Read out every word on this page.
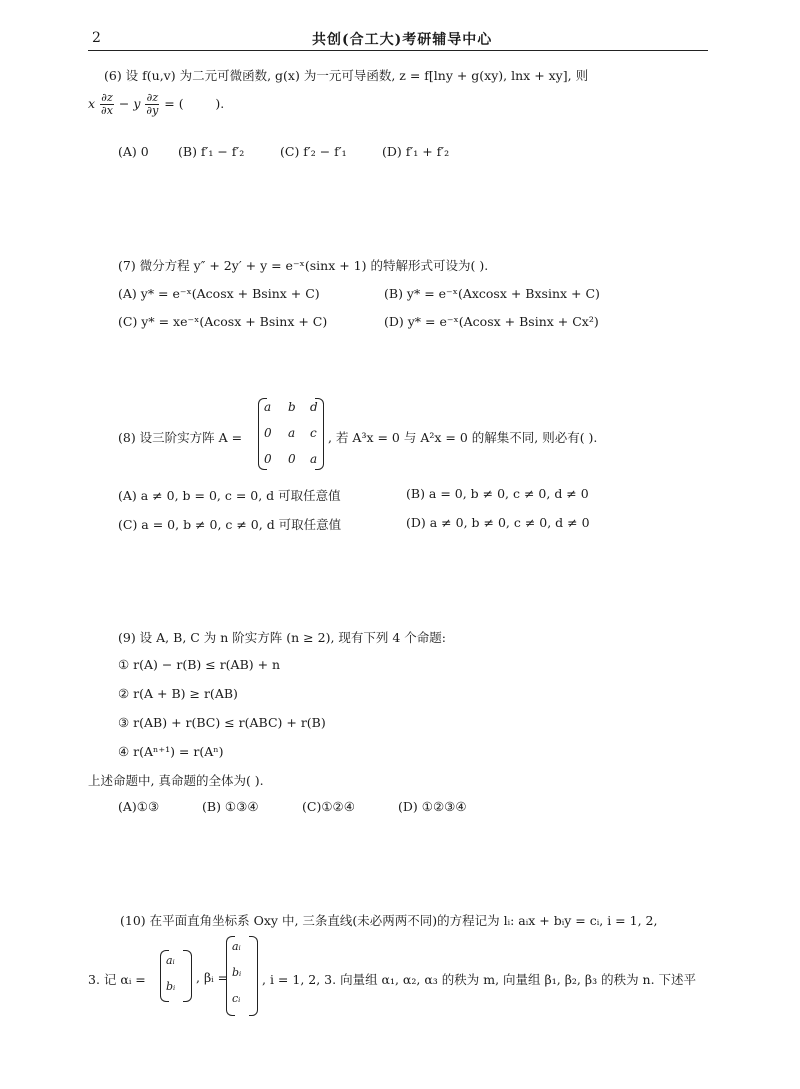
2	共创(合工大)考研辅导中心
(6) 设 f(u,v) 为二元可微函数, g(x) 为一元可导函数, z = f[lny + g(xy), lnx + xy], 则
x $\frac{\partial z}{\partial x} - y \frac{\partial z}{\partial y}$ = (        ).
(A) 0 (B) f′₁ − f′₂	(C) f′₂ − f′₁	(D) f′₁ + f′₂
(7) 微分方程 y″ + 2y′ + y = e⁻ˣ(sinx + 1) 的特解形式可设为( ).
(A) y* = e⁻ˣ(Acosx + Bsinx + C)	(B) y* = e⁻ˣ(Axcosx + Bxsinx + C)
(C) y* = xe⁻ˣ(Acosx + Bsinx + C)	(D) y* = e⁻ˣ(Acosx + Bsinx + Cx²)
(8) 设三阶实方阵 A =
a b d
0 a c
0 0 a
, 若 A³x = 0 与 A²x = 0 的解集不同, 则必有( ).
(A) a ≠ 0, b = 0, c = 0, d 可取任意值	(B) a = 0, b ≠ 0, c ≠ 0, d ≠ 0
(C) a = 0, b ≠ 0, c ≠ 0, d 可取任意值	(D) a ≠ 0, b ≠ 0, c ≠ 0, d ≠ 0
(9) 设 A, B, C 为 n 阶实方阵 (n ≥ 2), 现有下列 4 个命题:
① r(A) − r(B) ≤ r(AB) + n
② r(A + B) ≥ r(AB)
③ r(AB) + r(BC) ≤ r(ABC) + r(B)
④ r(Aⁿ⁺¹) = r(Aⁿ)
上述命题中, 真命题的全体为( ).
(A)①③	(B) ①③④	(C)①②④	(D) ①②③④
(10) 在平面直角坐标系 Oxy 中, 三条直线(未必两两不同)的方程记为 lᵢ: aᵢx + bᵢy = cᵢ, i = 1, 2,
3. 记 αᵢ =
aᵢ
bᵢ
, βᵢ =
aᵢ
bᵢ
cᵢ
, i = 1, 2, 3. 向量组 α₁, α₂, α₃ 的秩为 m, 向量组 β₁, β₂, β₃ 的秩为 n. 下述平
